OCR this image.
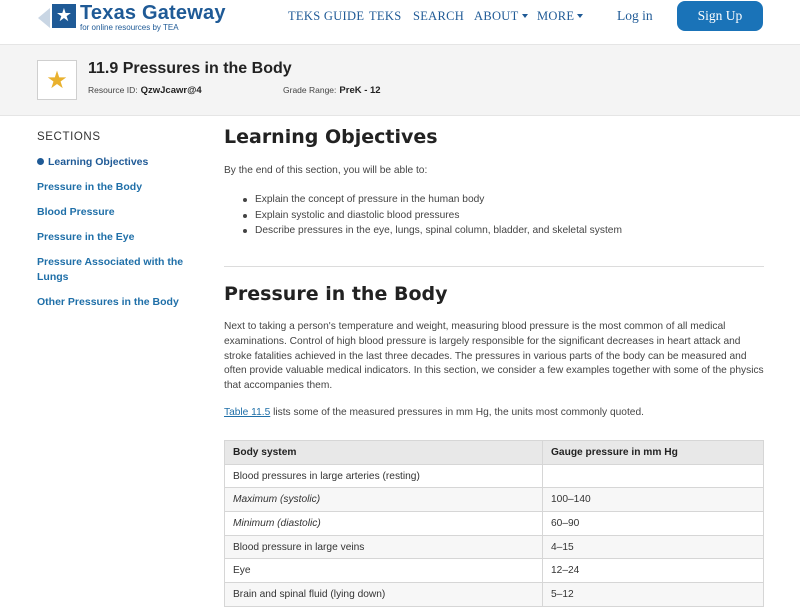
★ Texas Gateway
for online resources by TEA
TEKS GUIDE TEKS SEARCH ABOUT	MORE	Log in	Sign Up
★	11.9 Pressures in the Body
Resource ID: QzwJcawr@4	Grade Range: PreK - 12
SECTIONS
Learning Objectives
Pressure in the Body
Blood Pressure
Pressure in the Eye
Pressure Associated with the Lungs
Other Pressures in the Body
Learning Objectives
By the end of this section, you will be able to:
Explain the concept of pressure in the human body
Explain systolic and diastolic blood pressures
Describe pressures in the eye, lungs, spinal column, bladder, and skeletal system
Pressure in the Body
Next to taking a person's temperature and weight, measuring blood pressure is the most common of all medical examinations. Control of high blood pressure is largely responsible for the significant decreases in heart attack and stroke fatalities achieved in the last three decades. The pressures in various parts of the body can be measured and often provide valuable medical indicators. In this section, we consider a few examples together with some of the physics that accompanies them.
Table 11.5 lists some of the measured pressures in mm Hg, the units most commonly quoted.
Body system	Gauge pressure in mm Hg
Blood pressures in large arteries (resting)	
Maximum (systolic)	100–140
Minimum (diastolic)	60–90
Blood pressure in large veins	4–15
Eye	12–24
Brain and spinal fluid (lying down)	5–12
